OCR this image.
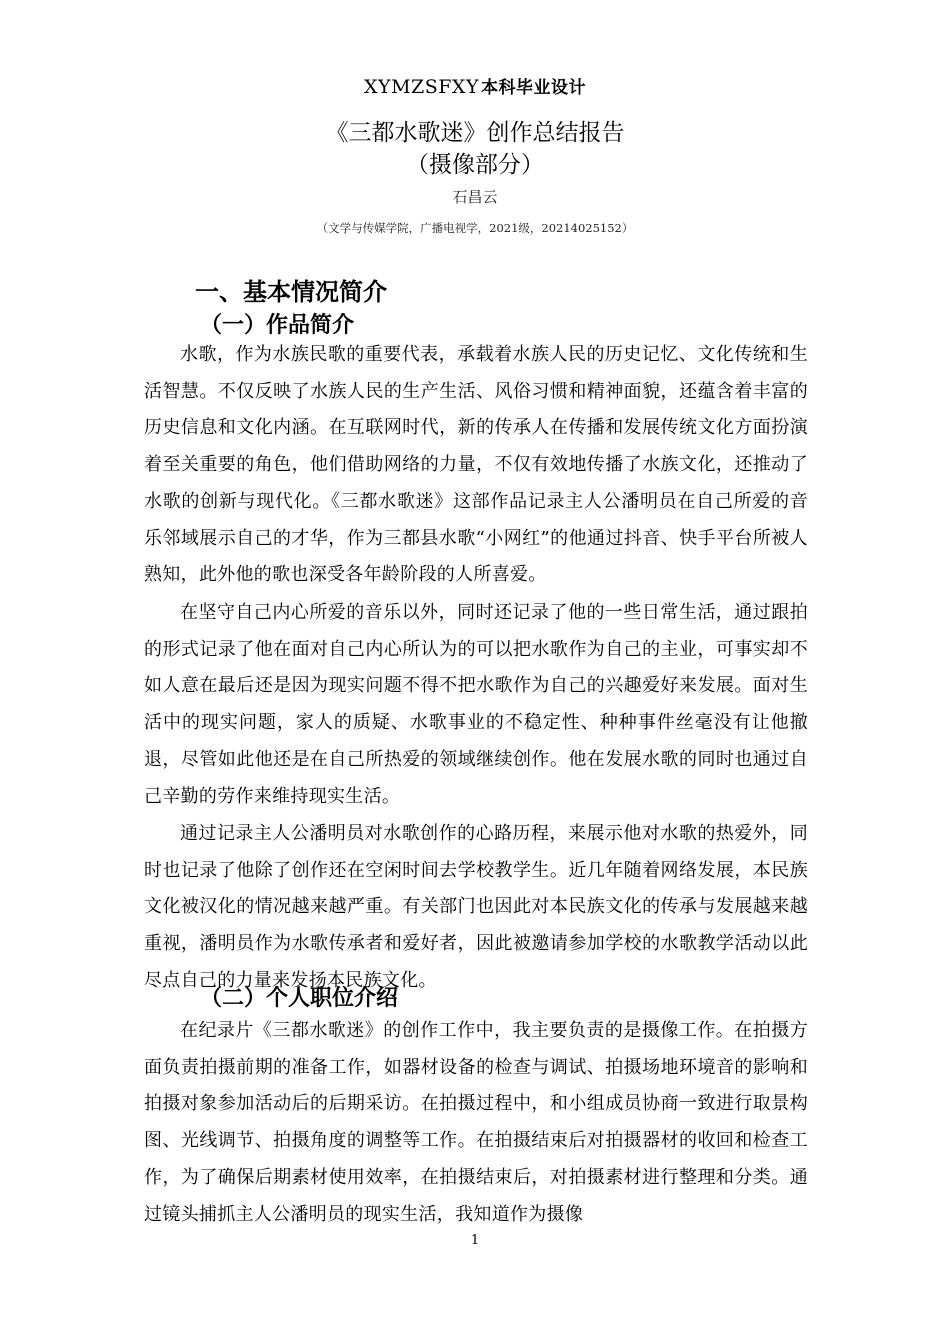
XYMZSFXY 本科毕业设计
《三都水歌迷》创作总结报告
（摄像部分）
石昌云
（文学与传媒学院，广播电视学，2021级，20214025152）
一、基本情况简介
（一）作品简介

水歌，作为水族民歌的重要代表，承载着水族人民的历史记忆、文化传统和生活智慧。不仅反映了水族人民的生产生活、风俗习惯和精神面貌，还蕴含着丰富的历史信息和文化内涵。在互联网时代，新的传承人在传播和发展传统文化方面扮演着至关重要的角色，他们借助网络的力量，不仅有效地传播了水族文化，还推动了水歌的创新与现代化。《三都水歌迷》这部作品记录主人公潘明员在自己所爱的音乐邻域展示自己的才华，作为三都县水歌“小网红”的他通过抖音、快手平台所被人熟知，此外他的歌也深受各年龄阶段的人所喜爱。

在坚守自己内心所爱的音乐以外，同时还记录了他的一些日常生活，通过跟拍的形式记录了他在面对自己内心所认为的可以把水歌作为自己的主业，可事实却不如人意在最后还是因为现实问题不得不把水歌作为自己的兴趣爱好来发展。面对生活中的现实问题，家人的质疑、水歌事业的不稳定性、种种事件丝毫没有让他撤退，尽管如此他还是在自己所热爱的领域继续创作。他在发展水歌的同时也通过自己辛勤的劳作来维持现实生活。

通过记录主人公潘明员对水歌创作的心路历程，来展示他对水歌的热爱外，同时也记录了他除了创作还在空闲时间去学校教学生。近几年随着网络发展，本民族文化被汉化的情况越来越严重。有关部门也因此对本民族文化的传承与发展越来越重视，潘明员作为水歌传承者和爱好者，因此被邀请参加学校的水歌教学活动以此尽点自己的力量来发扬本民族文化。

（二）个人职位介绍

在纪录片《三都水歌迷》的创作工作中，我主要负责的是摄像工作。在拍摄方面负责拍摄前期的准备工作，如器材设备的检查与调试、拍摄场地环境音的影响和拍摄对象参加活动后的后期采访。在拍摄过程中，和小组成员协商一致进行取景构图、光线调节、拍摄角度的调整等工作。在拍摄结束后对拍摄器材的收回和检查工作，为了确保后期素材使用效率，在拍摄结束后，对拍摄素材进行整理和分类。通过镜头捕抓主人公潘明员的现实生活，我知道作为摄像

1
